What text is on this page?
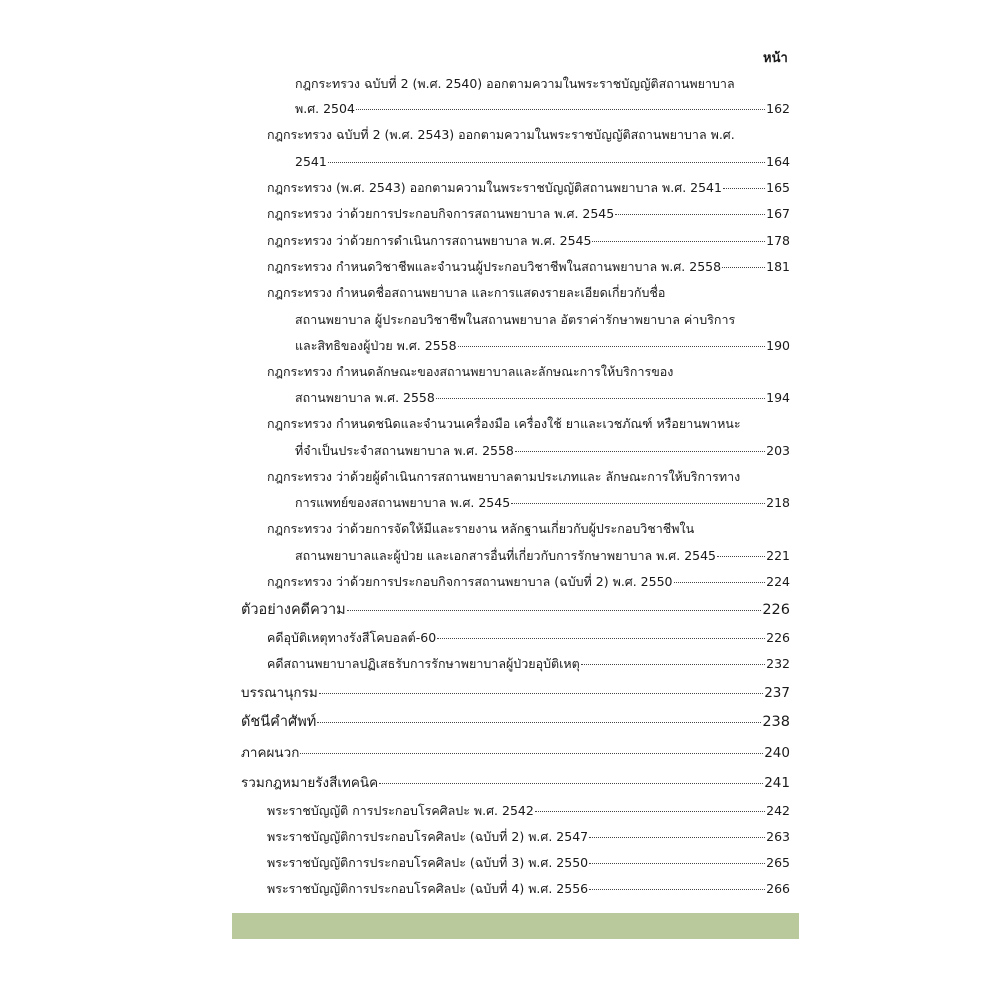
หน้า
กฎกระทรวง ฉบับที่ 2 (พ.ศ. 2540) ออกตามความในพระราชบัญญัติสถานพยาบาล
พ.ศ. 2504	162
กฎกระทรวง ฉบับที่ 2 (พ.ศ. 2543) ออกตามความในพระราชบัญญัติสถานพยาบาล พ.ศ.
2541	164
กฎกระทรวง (พ.ศ. 2543) ออกตามความในพระราชบัญญัติสถานพยาบาล พ.ศ. 2541	165
กฎกระทรวง ว่าด้วยการประกอบกิจการสถานพยาบาล พ.ศ. 2545	167
กฎกระทรวง ว่าด้วยการดำเนินการสถานพยาบาล พ.ศ. 2545	178
กฎกระทรวง กำหนดวิชาชีพและจำนวนผู้ประกอบวิชาชีพในสถานพยาบาล พ.ศ. 2558	181
กฎกระทรวง กำหนดชื่อสถานพยาบาล และการแสดงรายละเอียดเกี่ยวกับชื่อ
สถานพยาบาล ผู้ประกอบวิชาชีพในสถานพยาบาล อัตราค่ารักษาพยาบาล ค่าบริการ
และสิทธิของผู้ป่วย พ.ศ. 2558	190
กฎกระทรวง กำหนดลักษณะของสถานพยาบาลและลักษณะการให้บริการของ
สถานพยาบาล พ.ศ. 2558	194
กฎกระทรวง กำหนดชนิดและจำนวนเครื่องมือ เครื่องใช้ ยาและเวชภัณฑ์ หรือยานพาหนะ
ที่จำเป็นประจำสถานพยาบาล พ.ศ. 2558	203
กฎกระทรวง ว่าด้วยผู้ดำเนินการสถานพยาบาลตามประเภทและ ลักษณะการให้บริการทาง
การแพทย์ของสถานพยาบาล พ.ศ. 2545	218
กฎกระทรวง ว่าด้วยการจัดให้มีและรายงาน หลักฐานเกี่ยวกับผู้ประกอบวิชาชีพใน
สถานพยาบาลและผู้ป่วย และเอกสารอื่นที่เกี่ยวกับการรักษาพยาบาล พ.ศ. 2545	221
กฎกระทรวง ว่าด้วยการประกอบกิจการสถานพยาบาล (ฉบับที่ 2) พ.ศ. 2550	224
ตัวอย่างคดีความ	226
คดีอุบัติเหตุทางรังสีโคบอลต์-60	226
คดีสถานพยาบาลปฏิเสธรับการรักษาพยาบาลผู้ป่วยอุบัติเหตุ	232
บรรณานุกรม	237
ดัชนีคำศัพท์	238
ภาคผนวก	240
รวมกฎหมายรังสีเทคนิค	241
พระราชบัญญัติ การประกอบโรคศิลปะ พ.ศ. 2542	242
พระราชบัญญัติการประกอบโรคศิลปะ (ฉบับที่ 2) พ.ศ. 2547	263
พระราชบัญญัติการประกอบโรคศิลปะ (ฉบับที่ 3) พ.ศ. 2550	265
พระราชบัญญัติการประกอบโรคศิลปะ (ฉบับที่ 4) พ.ศ. 2556	266
